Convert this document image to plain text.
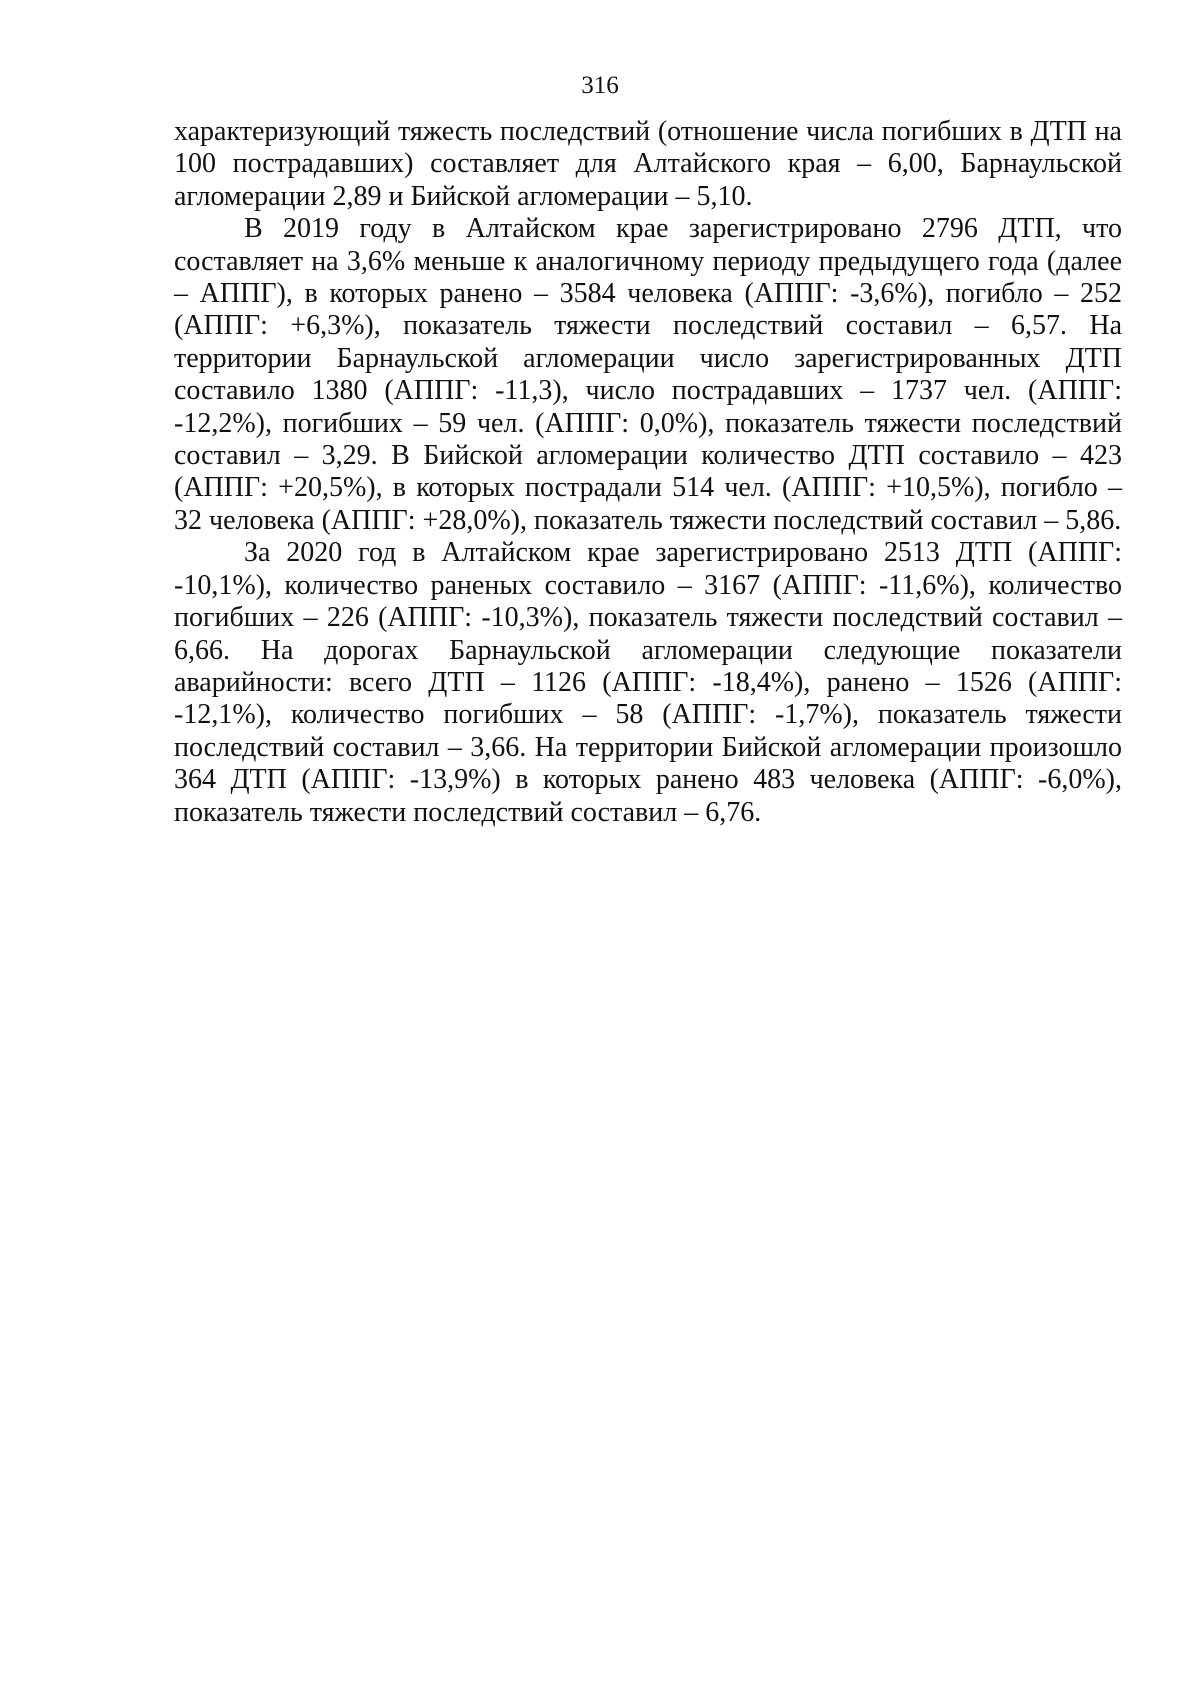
316

характеризующий тяжесть последствий (отношение числа погибших в ДТП на 100 пострадавших) составляет для Алтайского края – 6,00, Барнаульской агломерации 2,89 и Бийской агломерации – 5,10.

В 2019 году в Алтайском крае зарегистрировано 2796 ДТП, что составляет на 3,6% меньше к аналогичному периоду предыдущего года (далее – АППГ), в которых ранено – 3584 человека (АППГ: -3,6%), погибло – 252 (АППГ: +6,3%), показатель тяжести последствий составил – 6,57. На территории Барнаульской агломерации число зарегистрированных ДТП составило 1380 (АППГ: -11,3), число пострадавших – 1737 чел. (АППГ: -12,2%), погибших – 59 чел. (АППГ: 0,0%), показатель тяжести последствий составил – 3,29. В Бийской агломерации количество ДТП составило – 423 (АППГ: +20,5%), в которых пострадали 514 чел. (АППГ: +10,5%), погибло – 32 человека (АППГ: +28,0%), показатель тяжести последствий составил – 5,86.

За 2020 год в Алтайском крае зарегистрировано 2513 ДТП (АППГ: -10,1%), количество раненых составило – 3167 (АППГ: -11,6%), количество погибших – 226 (АППГ: -10,3%), показатель тяжести последствий составил – 6,66. На дорогах Барнаульской агломерации следующие показатели аварийности: всего ДТП – 1126 (АППГ: -18,4%), ранено – 1526 (АППГ: -12,1%), количество погибших – 58 (АППГ: -1,7%), показатель тяжести последствий составил – 3,66. На территории Бийской агломерации произошло 364 ДТП (АППГ: -13,9%) в которых ранено 483 человека (АППГ: -6,0%), показатель тяжести последствий составил – 6,76.
